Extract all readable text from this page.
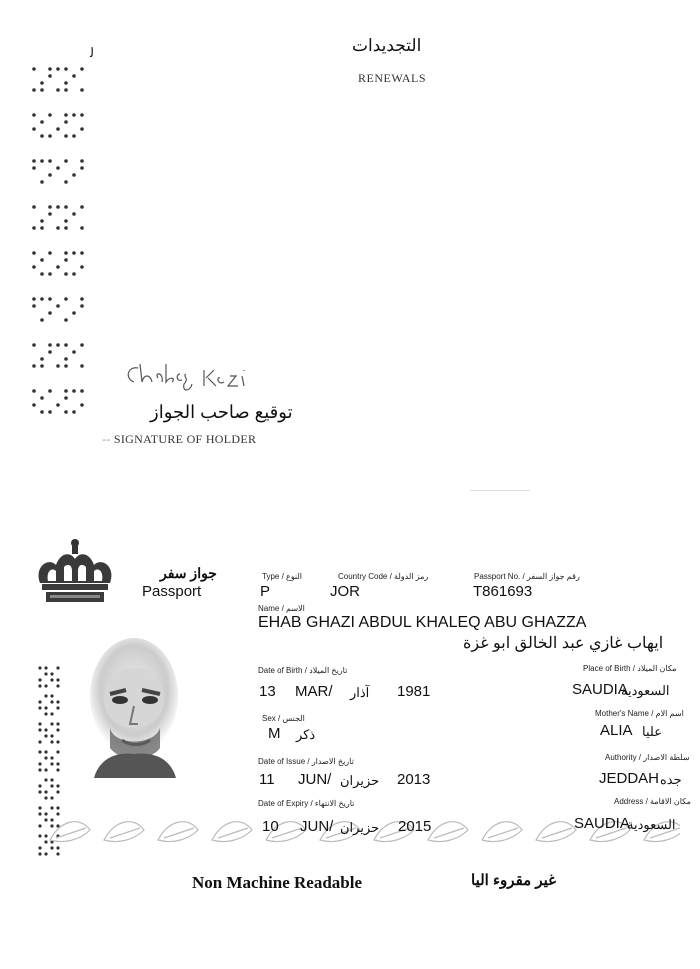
ﻟ	التجديدات
RENEWALS
توقيع صاحب الجواز
-- SIGNATURE OF HOLDER
جواز سفر
Passport
Type / النوع
P
Country Code / رمز الدولة
JOR
Passport No. / رقم جواز السفر
T861693
Name / الاسم
EHAB GHAZI ABDUL KHALEQ ABU GHAZZA
ايهاب غازي عبد الخالق ابو غزة
Date of Birth / تاريخ الميلاد
13 MAR/ آذار 1981
Place of Birth / مكان الميلاد
SAUDIA
السعودية
Sex / الجنس
M ذكر
Mother's Name / اسم الام
ALIA عليا
Date of Issue / تاريخ الاصدار
11 JUN/ حزيران 2013
Authority / سلطة الاصدار
JEDDAH جده
Date of Expiry / تاريخ الانتهاء
10 JUN/ حزيران 2015
Address / مكان الاقامة
SAUDIA
السعودية
Non Machine Readable	غير مقروء اليا
